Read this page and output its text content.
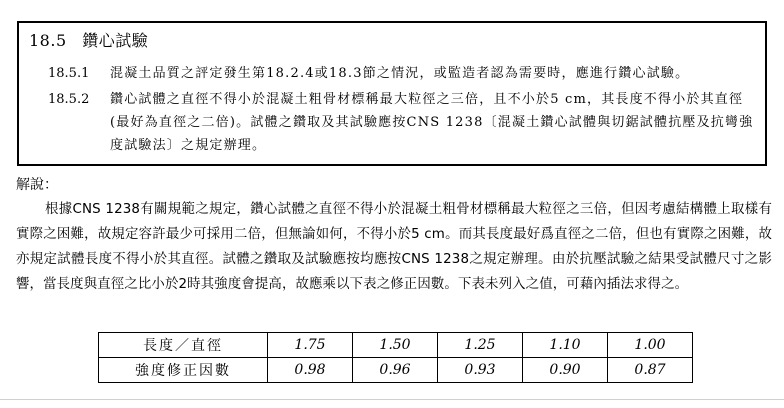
18.5 鑽心試驗
18.5.1 混凝土品質之評定發生第18.2.4或18.3節之情況，或監造者認為需要時，應進行鑽心試驗。
18.5.2 鑽心試體之直徑不得小於混凝土粗骨材標稱最大粒徑之三倍，且不小於5 cm，其長度不得小於其直徑(最好為直徑之二倍)。試體之鑽取及其試驗應按CNS 1238〔混凝土鑽心試體與切鋸試體抗壓及抗彎強度試驗法〕之規定辦理。
解說：
根據CNS 1238有關規範之規定，鑽心試體之直徑不得小於混凝土粗骨材標稱最大粒徑之三倍，但因考慮結構體上取樣有實際之困難，故規定容許最少可採用二倍，但無論如何，不得小於5 cm。而其長度最好爲直徑之二倍，但也有實際之困難，故亦規定試體長度不得小於其直徑。試體之鑽取及試驗應按均應按CNS 1238之規定辦理。由於抗壓試驗之結果受試體尺寸之影響，當長度與直徑之比小於2時其強度會提高，故應乘以下表之修正因數。下表未列入之值，可藉內插法求得之。
長度／直徑	1.75	1.50	1.25	1.10	1.00
強度修正因數	0.98	0.96	0.93	0.90	0.87
